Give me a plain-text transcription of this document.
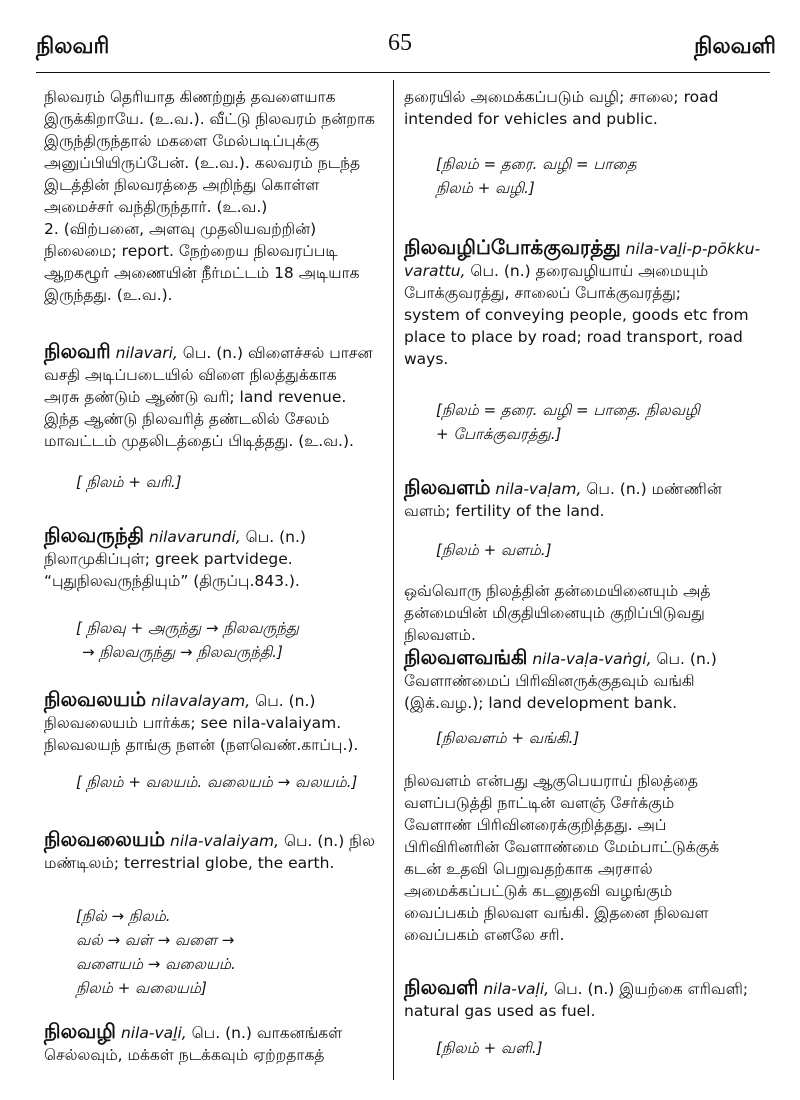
நிலவரி	65	நிலவளி

நிலவரம் தெரியாத கிணற்றுத் தவளையாக

இருக்கிறாயே. (உ.வ.). வீட்டு நிலவரம் நன்றாக

இருந்திருந்தால் மகளை மேல்படிப்புக்கு

அனுப்பியிருப்பேன். (உ.வ.). கலவரம் நடந்த

இடத்தின் நிலவரத்தை அறிந்து கொள்ள

அமைச்சர் வந்திருந்தார். (உ.வ.)

2. (விற்பனை, அளவு முதலியவற்றின்)

நிலைமை; report. நேற்றைய நிலவரப்படி

ஆறகழூர் அணையின் நீர்மட்டம் 18 அடியாக

இருந்தது. (உ.வ.).

நிலவரி nilavari, பெ. (n.) விளைச்சல் பாசன

வசதி அடிப்படையில் விளை நிலத்துக்காக

அரசு தண்டும் ஆண்டு வரி; land revenue.

இந்த ஆண்டு நிலவரித் தண்டலில் சேலம்

மாவட்டம் முதலிடத்தைப் பிடித்தது. (உ.வ.).

[ நிலம் + வரி.]

நிலவருந்தி nilavarundi, பெ. (n.)

நிலாமுகிப்புள்; greek partvidege.

“புதுநிலவருந்தியும்” (திருப்பு.843.).

[ நிலவு + அருந்து → நிலவருந்து

→ நிலவருந்து → நிலவருந்தி.]

நிலவலயம் nilavalayam, பெ. (n.)

நிலவலையம் பார்க்க; see nila-valaiyam.

நிலவலயந் தாங்கு நளன் (நளவெண்.காப்பு.).

[ நிலம் + வலயம். வலையம் → வலயம்.]

நிலவலையம் nila-valaiyam, பெ. (n.) நில

மண்டிலம்; terrestrial globe, the earth.

[நில் → நிலம்.

வல் → வள் → வளை →

வளையம் → வலையம்.

நிலம் + வலையம்]

நிலவழி nila-vaḻi, பெ. (n.) வாகனங்கள்

செல்லவும், மக்கள் நடக்கவும் ஏற்றதாகத்

தரையில் அமைக்கப்படும் வழி; சாலை; road

intended for vehicles and public.

[நிலம் = தரை. வழி = பாதை

நிலம் + வழி.]

நிலவழிப்போக்குவரத்து nila-vaḻi-p-pōkku-varattu, பெ. (n.) தரைவழியாய் அமையும்

போக்குவரத்து, சாலைப் போக்குவரத்து;

system of conveying people, goods etc from

place to place by road; road transport, road

ways.

[நிலம் = தரை. வழி = பாதை. நிலவழி

+ போக்குவரத்து.]

நிலவளம் nila-vaḷam, பெ. (n.) மண்ணின்

வளம்; fertility of the land.

[நிலம் + வளம்.]

ஒவ்வொரு நிலத்தின் தன்மையினையும் அத்

தன்மையின் மிகுதியினையும் குறிப்பிடுவது

நிலவளம்.

நிலவளவங்கி nila-vaḷa-vaṅgi, பெ. (n.)

வேளாண்மைப் பிரிவினருக்குதவும் வங்கி

(இக்.வழ.); land development bank.

[நிலவளம் + வங்கி.]

நிலவளம் என்பது ஆகுபெயராய் நிலத்தை

வளப்படுத்தி நாட்டின் வளஞ் சேர்க்கும்

வேளாண் பிரிவினரைக்குறித்தது. அப்

பிரிவிரினரின் வேளாண்மை மேம்பாட்டுக்குக்

கடன் உதவி பெறுவதற்காக அரசால்

அமைக்கப்பட்டுக் கடனுதவி வழங்கும்

வைப்பகம் நிலவள வங்கி. இதனை நிலவள

வைப்பகம் எனலே சரி.

நிலவளி nila-vaḷi, பெ. (n.) இயற்கை எரிவளி;

natural gas used as fuel.

[நிலம் + வளி.]
